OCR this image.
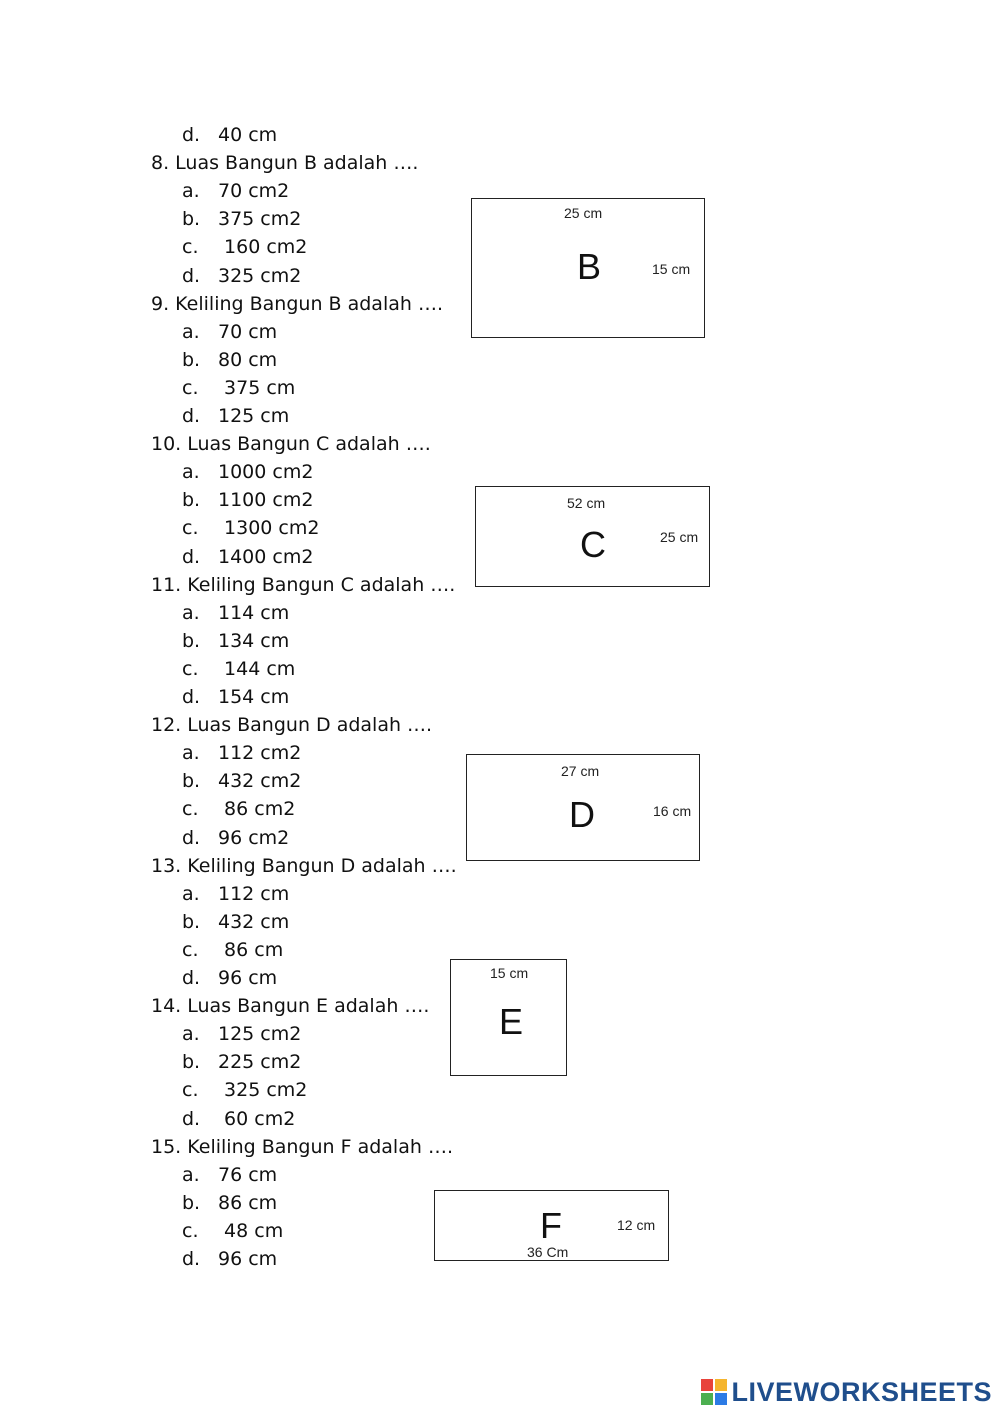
d. 40 cm
8. Luas Bangun B adalah ….
a. 70 cm2
b. 375 cm2
c. 160 cm2
d. 325 cm2
9. Keliling Bangun B adalah ….
a. 70 cm
b. 80 cm
c. 375 cm
d. 125 cm
10. Luas Bangun C adalah ….
a. 1000 cm2
b. 1100 cm2
c. 1300 cm2
d. 1400 cm2
11. Keliling Bangun C adalah ….
a. 114 cm
b. 134 cm
c. 144 cm
d. 154 cm
12. Luas Bangun D adalah ….
a. 112 cm2
b. 432 cm2
c. 86 cm2
d. 96 cm2
13. Keliling Bangun D adalah ….
a. 112 cm
b. 432 cm
c. 86 cm
d. 96 cm
14. Luas Bangun E adalah ….
a. 125 cm2
b. 225 cm2
c. 325 cm2
d. 60 cm2
15. Keliling Bangun F adalah ….
a. 76 cm
b. 86 cm
c. 48 cm
d. 96 cm
25 cm
B	15 cm
52 cm
C	25 cm
27 cm
D	16 cm
15 cm
E
F	12 cm
36 Cm
LIVEWORKSHEETS
